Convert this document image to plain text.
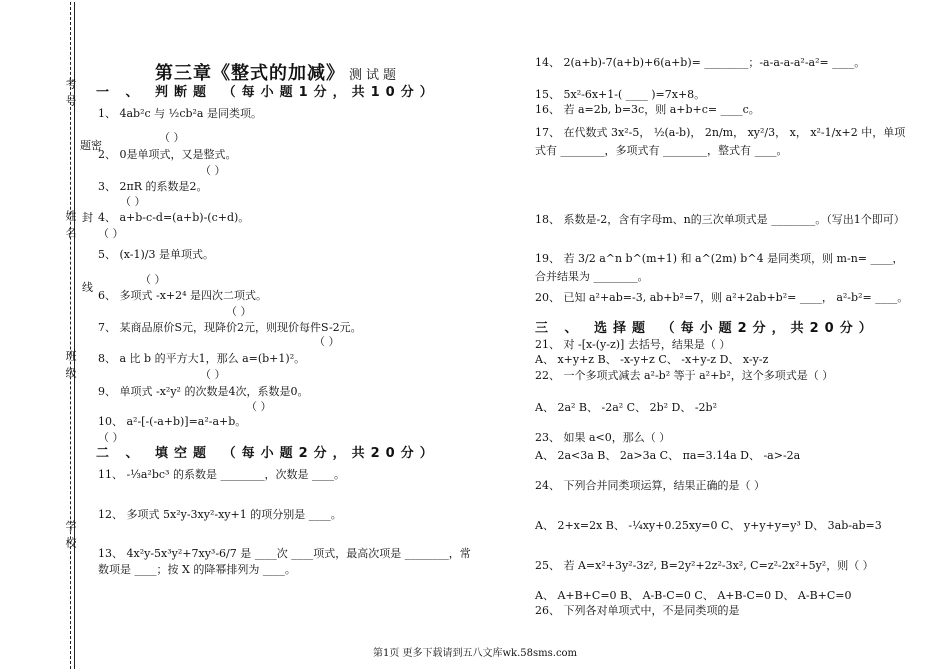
考号
姓名
班级
学校
题密
封
线
第三章《整式的加减》 测试题
一 、 判断题 （每小题1分，共10分）
1、 4ab²c 与 ½cb²a 是同类项。
（ ）
2、 0是单项式，又是整式。
（ ）
3、 2πR 的系数是2。
（ ）
4、 a+b-c-d=(a+b)-(c+d)。
（ ）
5、 (x-1)/3 是单项式。
（ ）
6、 多项式 -x+2⁴ 是四次二项式。
（ ）
7、 某商品原价S元，现降价2元，则现价每件S-2元。
（ ）
8、 a 比 b 的平方大1，那么 a=(b+1)²。
（ ）
9、 单项式 -x²y² 的次数是4次，系数是0。
（ ）
10、 a²-[-(-a+b)]=a²-a+b。
（ ）
二 、 填空题 （每小题2分，共20分）
11、 -⅓a²bc³ 的系数是 ________，次数是 ____。
12、 多项式 5x²y-3xy²-xy+1 的项分别是 ____。
13、 4x²y-5x³y²+7xy³-6/7 是 ____次 ____项式，最高次项是 ________，常数项是 ____；按 X 的降幂排列为 ____。
14、 2(a+b)-7(a+b)+6(a+b)= ________；-a-a-a-a²-a²= ____。
15、 5x²-6x+1-( ____ )=7x+8。
16、 若 a=2b, b=3c，则 a+b+c= ____c。
17、 在代数式 3x²-5， ½(a-b)， 2n/m， xy²/3， x， x²-1/x+2 中，单项式有 ________，多项式有 ________，整式有 ____。
18、 系数是-2，含有字母m、n的三次单项式是 ________。（写出1个即可）
19、 若 3/2 a^n b^(m+1) 和 a^(2m) b^4 是同类项，则 m-n= ____，合并结果为 ________。
20、 已知 a²+ab=-3, ab+b²=7，则 a²+2ab+b²= ____， a²-b²= ____。
三 、 选择题 （每小题2分，共20分）
21、 对 -[x-(y-z)] 去括号，结果是（ ）
A、 x+y+z B、 -x-y+z C、 -x+y-z D、 x-y-z
22、 一个多项式减去 a²-b² 等于 a²+b²，这个多项式是（ ）
A、 2a² B、 -2a² C、 2b² D、 -2b²
23、 如果 a<0，那么（ ）
A、 2a<3a B、 2a>3a C、 πa=3.14a D、 -a>-2a
24、 下列合并同类项运算，结果正确的是（ ）
A、 2+x=2x B、 -¼xy+0.25xy=0 C、 y+y+y=y³ D、 3ab-ab=3
25、 若 A=x²+3y²-3z², B=2y²+2z²-3x², C=z²-2x²+5y²，则（ ）
A、 A+B+C=0 B、 A-B-C=0 C、 A+B-C=0 D、 A-B+C=0
26、 下列各对单项式中，不是同类项的是
第1页 更多下载请到五八文库wk.58sms.com
